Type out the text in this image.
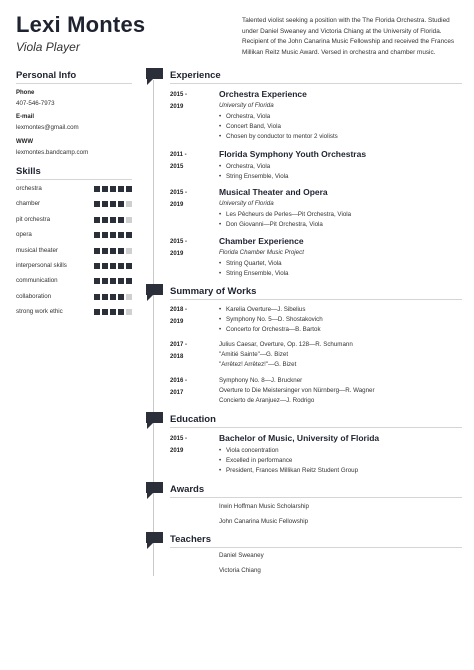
Lexi Montes
Viola Player
Talented violist seeking a position with the The Florida Orchestra. Studied under Daniel Sweaney and Victoria Chiang at the University of Florida. Recipient of the John Canarina Music Fellowship and received the Frances Millikan Reitz Music Award. Versed in orchestra and chamber music.
Personal Info
Phone
407-546-7973
E-mail
lexmontes@gmail.com
WWW
lexmontes.bandcamp.com
Skills
orchestra
chamber
pit orchestra
opera
musical theater
interpersonal skills
communication
collaboration
strong work ethic
Experience
2015 -
2019
Orchestra Experience
University of Florida
• Orchestra, Viola
• Concert Band, Viola
• Chosen by conductor to mentor 2 violists
2011 -
2015
Florida Symphony Youth Orchestras
• Orchestra, Viola
• String Ensemble, Viola
2015 -
2019
Musical Theater and Opera
University of Florida
• Les Pêcheurs de Perles—Pit Orchestra, Viola
• Don Giovanni—Pit Orchestra, Viola
2015 -
2019
Chamber Experience
Florida Chamber Music Project
• String Quartet, Viola
• String Ensemble, Viola
Summary of Works
2018 -
2019
• Karelia Overture—J. Sibelius
• Symphony No. 5—D. Shostakovich
• Concerto for Orchestra—B. Bartok
2017 -
2018
Julius Caesar, Overture, Op. 128—R. Schumann
"Amitié Sainte"—G. Bizet
"Arrêtez! Arrêtez!"—G. Bizet
2016 -
2017
Symphony No. 8—J. Bruckner
Overture to Die Meistersinger von Nürnberg—R. Wagner
Concierto de Aranjuez—J. Rodrigo
Education
2015 -
2019
Bachelor of Music, University of Florida
• Viola concentration
• Excelled in performance
• President, Frances Millikan Reitz Student Group
Awards
Irwin Hoffman Music Scholarship
John Canarina Music Fellowship
Teachers
Daniel Sweaney
Victoria Chiang
